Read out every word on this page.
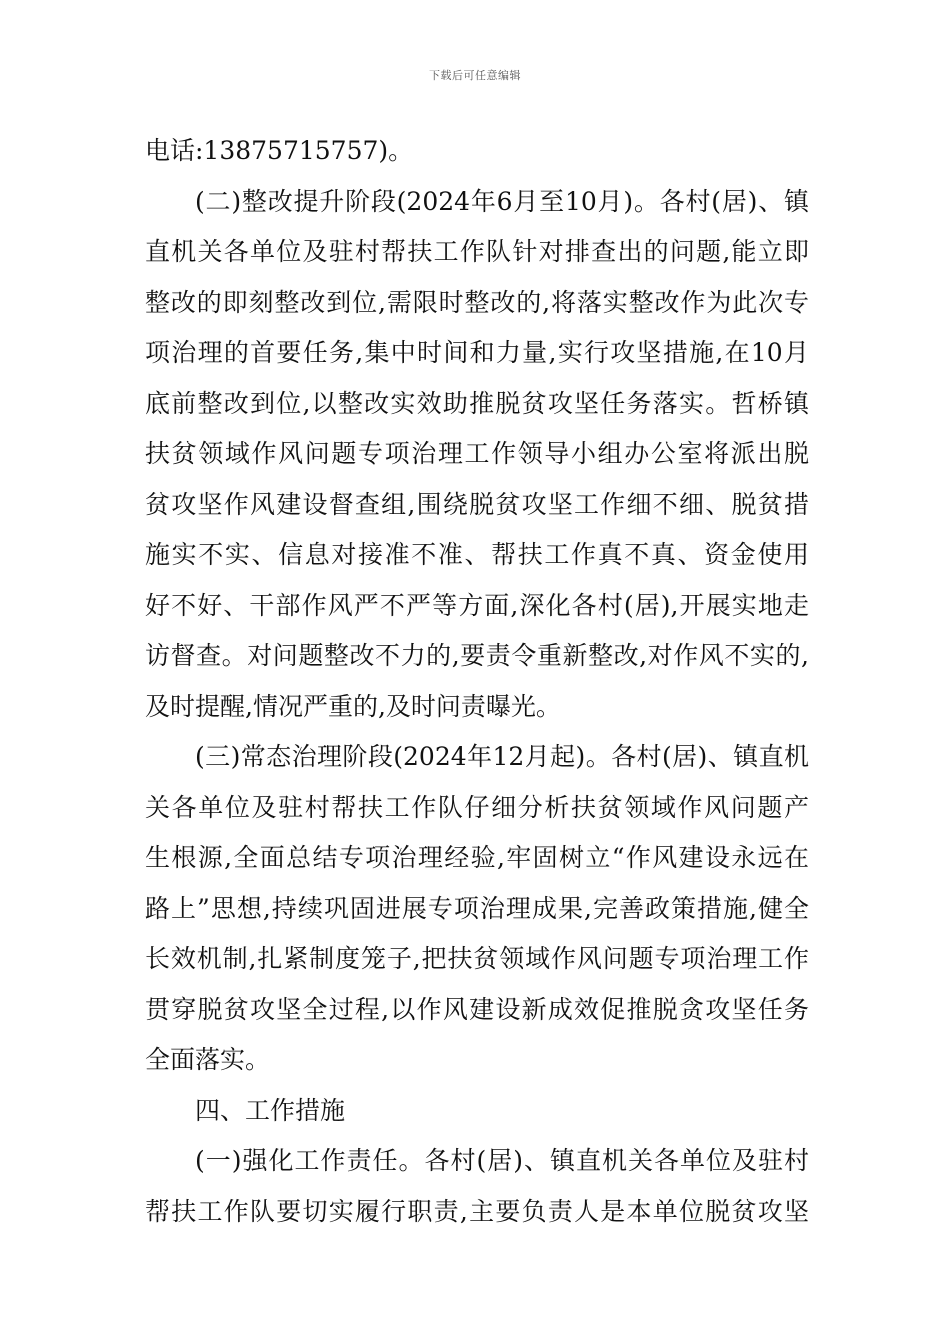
下载后可任意编辑
电话:13875715757)。
(二)整改提升阶段(2024年6月至10月)。各村(居)、镇
直机关各单位及驻村帮扶工作队针对排查出的问题,能立即
整改的即刻整改到位,需限时整改的,将落实整改作为此次专
项治理的首要任务,集中时间和力量,实行攻坚措施,在10月
底前整改到位,以整改实效助推脱贫攻坚任务落实。哲桥镇
扶贫领域作风问题专项治理工作领导小组办公室将派出脱
贫攻坚作风建设督查组,围绕脱贫攻坚工作细不细、脱贫措
施实不实、信息对接准不准、帮扶工作真不真、资金使用
好不好、干部作风严不严等方面,深化各村(居),开展实地走
访督查。对问题整改不力的,要责令重新整改,对作风不实的,
及时提醒,情况严重的,及时问责曝光。
(三)常态治理阶段(2024年12月起)。各村(居)、镇直机
关各单位及驻村帮扶工作队仔细分析扶贫领域作风问题产
生根源,全面总结专项治理经验,牢固树立“作风建设永远在
路上”思想,持续巩固进展专项治理成果,完善政策措施,健全
长效机制,扎紧制度笼子,把扶贫领域作风问题专项治理工作
贯穿脱贫攻坚全过程,以作风建设新成效促推脱贪攻坚任务
全面落实。
四、工作措施
(一)强化工作责任。各村(居)、镇直机关各单位及驻村
帮扶工作队要切实履行职责,主要负责人是本单位脱贫攻坚
